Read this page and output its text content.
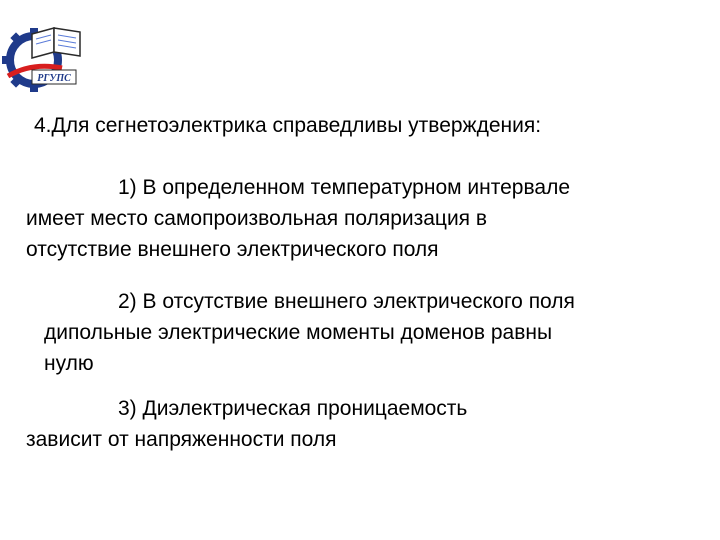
РГУПС
4.Для сегнетоэлектрика справедливы утверждения:

1) В определенном температурном интервале

имеет место самопроизвольная поляризация в

отсутствие внешнего электрического поля

2) В отсутствие внешнего электрического поля

дипольные электрические моменты доменов равны

нулю

3) Диэлектрическая проницаемость

зависит от напряженности поля
